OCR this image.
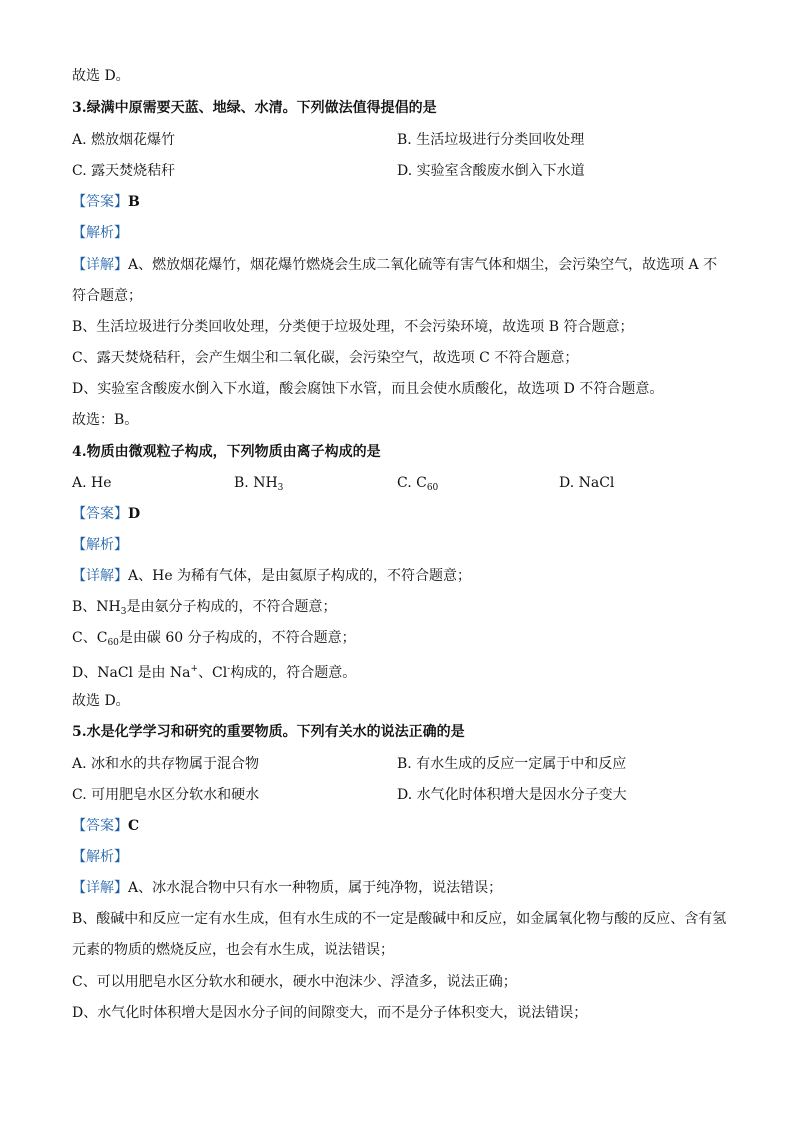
故选 D。
3.绿满中原需要天蓝、地绿、水清。下列做法值得提倡的是
A. 燃放烟花爆竹	B. 生活垃圾进行分类回收处理
C. 露天焚烧秸秆	D. 实验室含酸废水倒入下水道
【答案】B
【解析】
【详解】A、燃放烟花爆竹，烟花爆竹燃烧会生成二氧化硫等有害气体和烟尘，会污染空气，故选项 A 不
符合题意；
B、生活垃圾进行分类回收处理，分类便于垃圾处理，不会污染环境，故选项 B 符合题意；
C、露天焚烧秸秆，会产生烟尘和二氧化碳，会污染空气，故选项 C 不符合题意；
D、实验室含酸废水倒入下水道，酸会腐蚀下水管，而且会使水质酸化，故选项 D 不符合题意。
故选：B。
4.物质由微观粒子构成，下列物质由离子构成的是
A. He	B. $NH_3$	C. $C_{60}$	D. NaCl
【答案】D
【解析】
【详解】A、He 为稀有气体，是由氦原子构成的，不符合题意；
B、$NH_3$是由氨分子构成的，不符合题意；
C、$C_{60}$是由碳 60 分子构成的，不符合题意；
D、NaCl 是由 Na+、Cl-构成的，符合题意。
故选 D。
5.水是化学学习和研究的重要物质。下列有关水的说法正确的是
A. 冰和水的共存物属于混合物	B. 有水生成的反应一定属于中和反应
C. 可用肥皂水区分软水和硬水	D. 水气化时体积增大是因水分子变大
【答案】C
【解析】
【详解】A、冰水混合物中只有水一种物质，属于纯净物，说法错误；
B、酸碱中和反应一定有水生成，但有水生成的不一定是酸碱中和反应，如金属氧化物与酸的反应、含有氢
元素的物质的燃烧反应，也会有水生成，说法错误；
C、可以用肥皂水区分软水和硬水，硬水中泡沫少、浮渣多，说法正确；
D、水气化时体积增大是因水分子间的间隙变大，而不是分子体积变大，说法错误；
